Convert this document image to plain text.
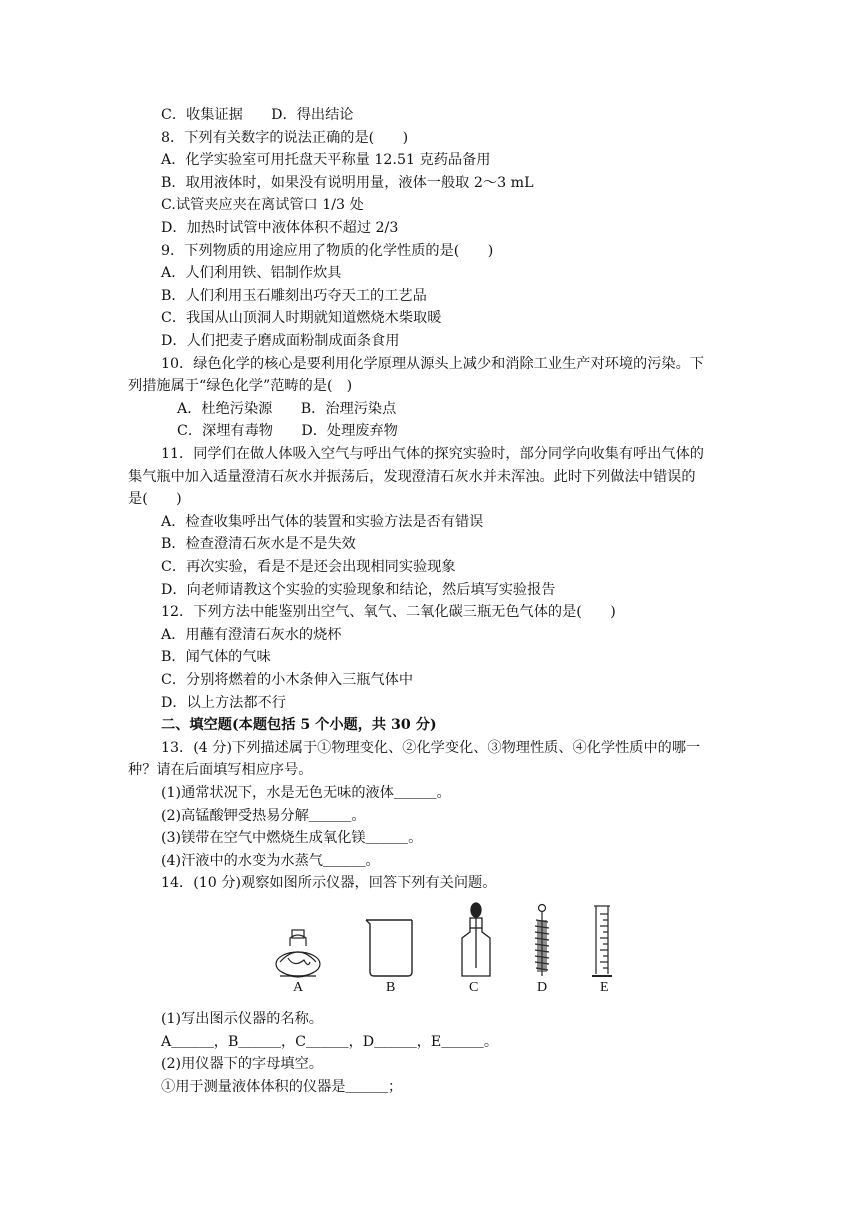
C．收集证据　　D．得出结论
8．下列有关数字的说法正确的是(　　)
A．化学实验室可用托盘天平称量 12.51 克药品备用
B．取用液体时，如果没有说明用量，液体一般取 2～3 mL
C.试管夹应夹在离试管口 1/3 处
D．加热时试管中液体体积不超过 2/3
9．下列物质的用途应用了物质的化学性质的是(　　)
A．人们利用铁、铝制作炊具
B．人们利用玉石雕刻出巧夺天工的工艺品
C．我国从山顶洞人时期就知道燃烧木柴取暖
D．人们把麦子磨成面粉制成面条食用
10．绿色化学的核心是要利用化学原理从源头上减少和消除工业生产对环境的污染。下
列措施属于“绿色化学”范畴的是(　)
A．杜绝污染源　　B．治理污染点
C．深埋有毒物　　D．处理废弃物
11．同学们在做人体吸入空气与呼出气体的探究实验时，部分同学向收集有呼出气体的
集气瓶中加入适量澄清石灰水并振荡后，发现澄清石灰水并未浑浊。此时下列做法中错误的
是(　　)
A．检查收集呼出气体的装置和实验方法是否有错误
B．检查澄清石灰水是不是失效
C．再次实验，看是不是还会出现相同实验现象
D．向老师请教这个实验的实验现象和结论，然后填写实验报告
12．下列方法中能鉴别出空气、氧气、二氧化碳三瓶无色气体的是(　　)
A．用蘸有澄清石灰水的烧杯
B．闻气体的气味
C．分别将燃着的小木条伸入三瓶气体中
D．以上方法都不行
二、填空题(本题包括 5 个小题，共 30 分)
13．(4 分)下列描述属于①物理变化、②化学变化、③物理性质、④化学性质中的哪一
种？请在后面填写相应序号。
(1)通常状况下，水是无色无味的液体＿＿＿。
(2)高锰酸钾受热易分解＿＿＿。
(3)镁带在空气中燃烧生成氧化镁＿＿＿。
(4)汗液中的水变为水蒸气＿＿＿。
14．(10 分)观察如图所示仪器，回答下列有关问题。
A	B	C	D	E
(1)写出图示仪器的名称。
A＿＿＿，B＿＿＿，C＿＿＿，D＿＿＿，E＿＿＿。
(2)用仪器下的字母填空。
①用于测量液体体积的仪器是＿＿＿；
